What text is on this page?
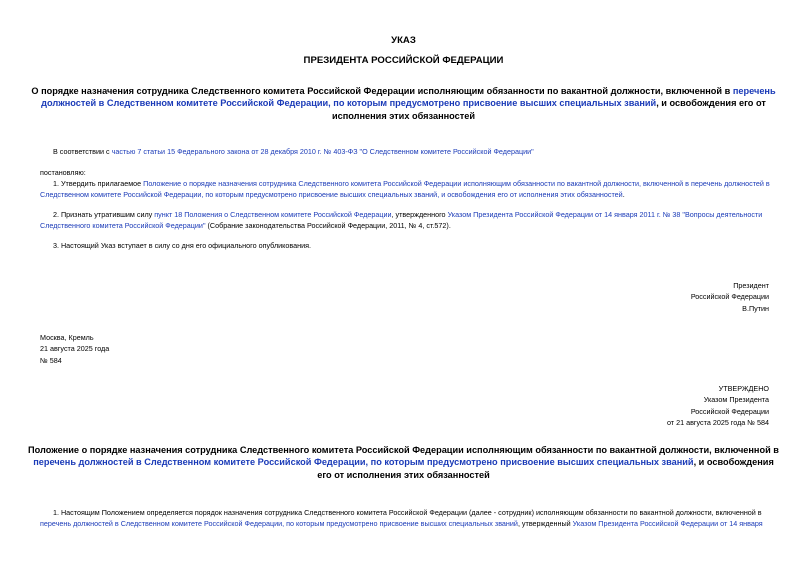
УКАЗ
ПРЕЗИДЕНТА РОССИЙСКОЙ ФЕДЕРАЦИИ
О порядке назначения сотрудника Следственного комитета Российской Федерации исполняющим обязанности по вакантной должности, включенной в перечень должностей в Следственном комитете Российской Федерации, по которым предусмотрено присвоение высших специальных званий, и освобождения его от исполнения этих обязанностей
В соответствии с частью 7 статьи 15 Федерального закона от 28 декабря 2010 г. № 403-ФЗ "О Следственном комитете Российской Федерации"
постановляю:
1. Утвердить прилагаемое Положение о порядке назначения сотрудника Следственного комитета Российской Федерации исполняющим обязанности по вакантной должности, включенной в перечень должностей в Следственном комитете Российской Федерации, по которым предусмотрено присвоение высших специальных званий, и освобождения его от исполнения этих обязанностей.
2. Признать утратившим силу пункт 18 Положения о Следственном комитете Российской Федерации, утвержденного Указом Президента Российской Федерации от 14 января 2011 г. № 38 "Вопросы деятельности Следственного комитета Российской Федерации" (Собрание законодательства Российской Федерации, 2011, № 4, ст.572).
3. Настоящий Указ вступает в силу со дня его официального опубликования.
Президент
Российской Федерации
В.Путин
Москва, Кремль
21 августа 2025 года
№ 584
УТВЕРЖДЕНО
Указом Президента
Российской Федерации
от 21 августа 2025 года № 584
Положение о порядке назначения сотрудника Следственного комитета Российской Федерации исполняющим обязанности по вакантной должности, включенной в перечень должностей в Следственном комитете Российской Федерации, по которым предусмотрено присвоение высших специальных званий, и освобождения его от исполнения этих обязанностей
1. Настоящим Положением определяется порядок назначения сотрудника Следственного комитета Российской Федерации (далее - сотрудник) исполняющим обязанности по вакантной должности, включенной в перечень должностей в Следственном комитете Российской Федерации, по которым предусмотрено присвоение высших специальных званий, утвержденный Указом Президента Российской Федерации от 14 января
